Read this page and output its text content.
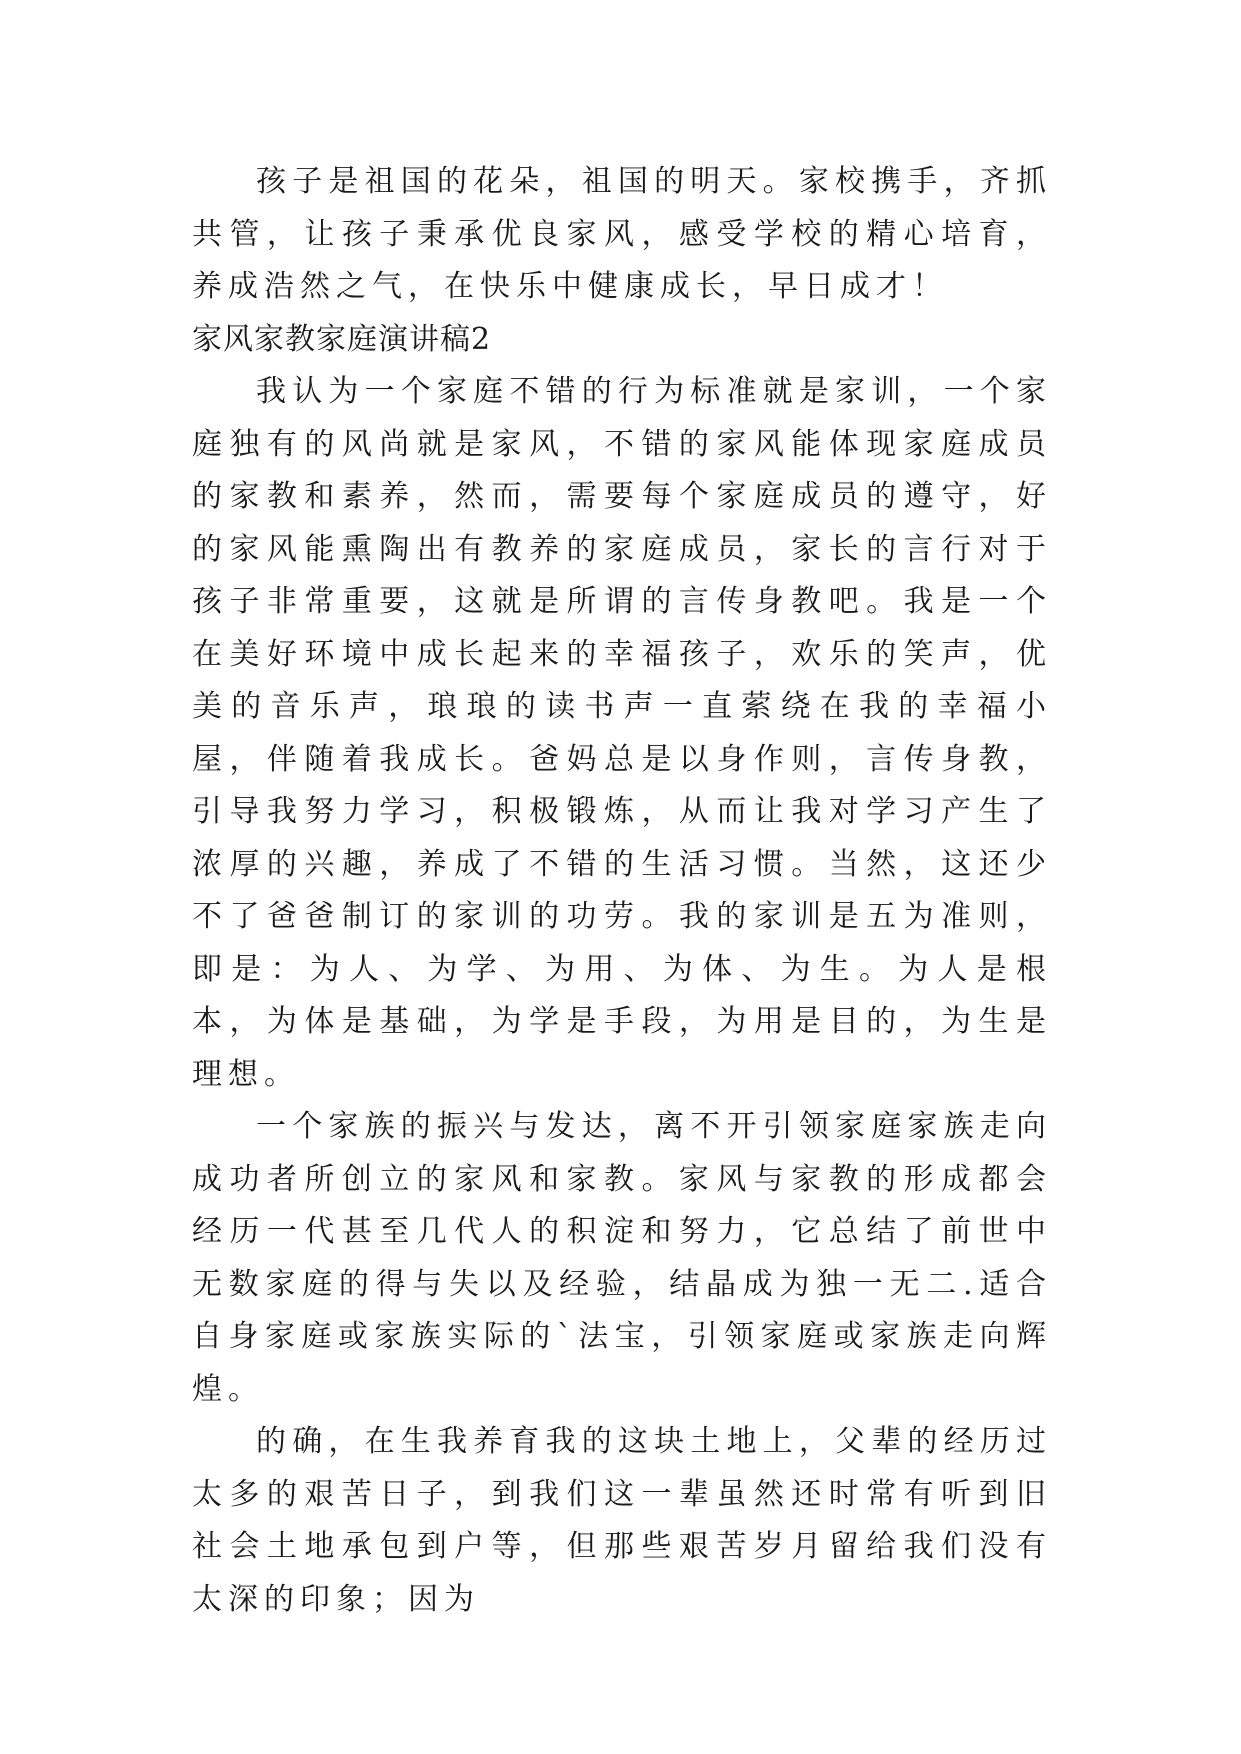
孩子是祖国的花朵，祖国的明天。家校携手，齐抓共管，让孩子秉承优良家风，感受学校的精心培育，养成浩然之气，在快乐中健康成长，早日成才！

家风家教家庭演讲稿2

我认为一个家庭不错的行为标准就是家训，一个家庭独有的风尚就是家风，不错的家风能体现家庭成员的家教和素养，然而，需要每个家庭成员的遵守，好的家风能熏陶出有教养的家庭成员，家长的言行对于孩子非常重要，这就是所谓的言传身教吧。我是一个在美好环境中成长起来的幸福孩子，欢乐的笑声，优美的音乐声，琅琅的读书声一直萦绕在我的幸福小屋，伴随着我成长。爸妈总是以身作则，言传身教，引导我努力学习，积极锻炼，从而让我对学习产生了浓厚的兴趣，养成了不错的生活习惯。当然，这还少不了爸爸制订的家训的功劳。我的家训是五为准则，即是：为人、为学、为用、为体、为生。为人是根本，为体是基础，为学是手段，为用是目的，为生是理想。

一个家族的振兴与发达，离不开引领家庭家族走向成功者所创立的家风和家教。家风与家教的形成都会经历一代甚至几代人的积淀和努力，它总结了前世中无数家庭的得与失以及经验，结晶成为独一无二.适合自身家庭或家族实际的`法宝，引领家庭或家族走向辉煌。

的确，在生我养育我的这块土地上，父辈的经历过太多的艰苦日子，到我们这一辈虽然还时常有听到旧社会土地承包到户等，但那些艰苦岁月留给我们没有太深的印象；因为
